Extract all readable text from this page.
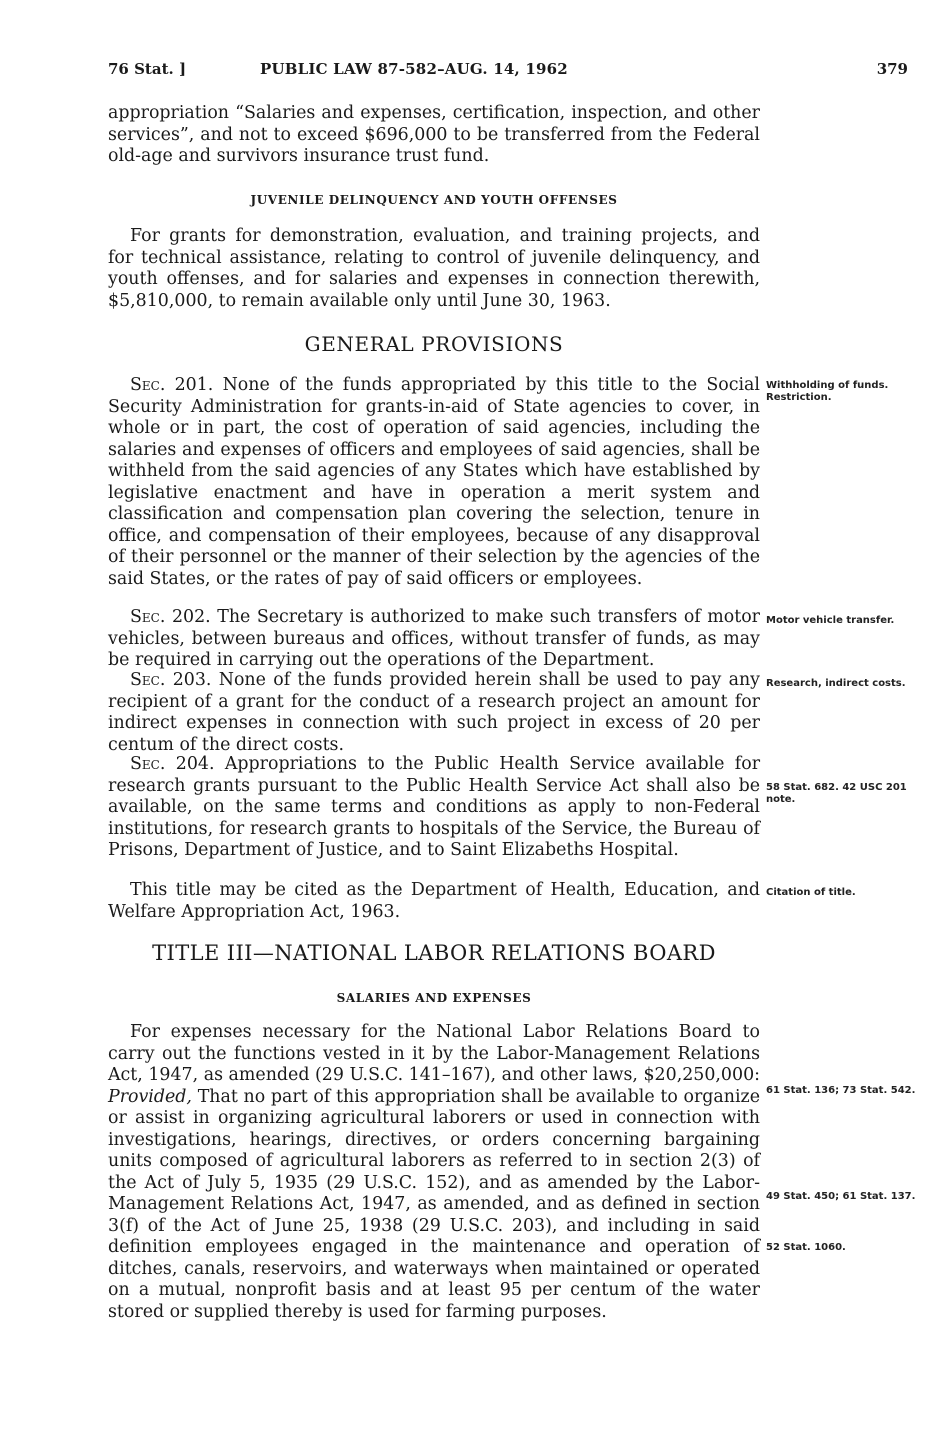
76 Stat. ]	PUBLIC LAW 87-582–AUG. 14, 1962	379

appropriation “Salaries and expenses, certification, inspection, and other services”, and not to exceed $696,000 to be transferred from the Federal old-age and survivors insurance trust fund.

JUVENILE DELINQUENCY AND YOUTH OFFENSES

For grants for demonstration, evaluation, and training projects, and for technical assistance, relating to control of juvenile delinquency, and youth offenses, and for salaries and expenses in connection therewith, $5,810,000, to remain available only until June 30, 1963.

GENERAL PROVISIONS

Sec. 201. None of the funds appropriated by this title to the Social Security Administration for grants-in-aid of State agencies to cover, in whole or in part, the cost of operation of said agencies, including the salaries and expenses of officers and employees of said agencies, shall be withheld from the said agencies of any States which have established by legislative enactment and have in operation a merit system and classification and compensation plan covering the selection, tenure in office, and compensation of their employees, because of any disapproval of their personnel or the manner of their selection by the agencies of the said States, or the rates of pay of said officers or employees.

Sec. 202. The Secretary is authorized to make such transfers of motor vehicles, between bureaus and offices, without transfer of funds, as may be required in carrying out the operations of the Department.

Sec. 203. None of the funds provided herein shall be used to pay any recipient of a grant for the conduct of a research project an amount for indirect expenses in connection with such project in excess of 20 per centum of the direct costs.

Sec. 204. Appropriations to the Public Health Service available for research grants pursuant to the Public Health Service Act shall also be available, on the same terms and conditions as apply to non-Federal institutions, for research grants to hospitals of the Service, the Bureau of Prisons, Department of Justice, and to Saint Elizabeths Hospital.

This title may be cited as the Department of Health, Education, and Welfare Appropriation Act, 1963.

TITLE III—NATIONAL LABOR RELATIONS BOARD
SALARIES AND EXPENSES

For expenses necessary for the National Labor Relations Board to carry out the functions vested in it by the Labor-Management Relations Act, 1947, as amended (29 U.S.C. 141–167), and other laws, $20,250,000: Provided, That no part of this appropriation shall be available to organize or assist in organizing agricultural laborers or used in connection with investigations, hearings, directives, or orders concerning bargaining units composed of agricultural laborers as referred to in section 2(3) of the Act of July 5, 1935 (29 U.S.C. 152), and as amended by the Labor-Management Relations Act, 1947, as amended, and as defined in section 3(f) of the Act of June 25, 1938 (29 U.S.C. 203), and including in said definition employees engaged in the maintenance and operation of ditches, canals, reservoirs, and waterways when maintained or operated on a mutual, nonprofit basis and at least 95 per centum of the water stored or supplied thereby is used for farming purposes.

Withholding of funds. Restriction.
Motor vehicle transfer.
Research, indirect costs.
58 Stat. 682. 42 USC 201 note.
Citation of title.
61 Stat. 136; 73 Stat. 542.
49 Stat. 450; 61 Stat. 137.
52 Stat. 1060.
